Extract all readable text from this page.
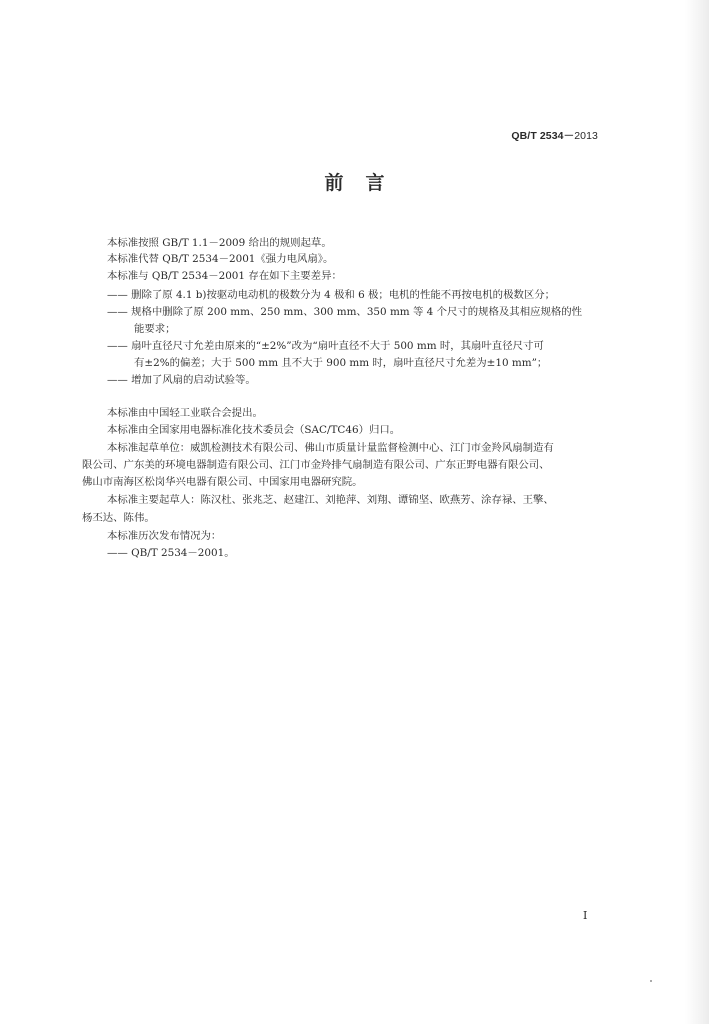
QB/T 2534－2013
前言
本标准按照 GB/T 1.1－2009 给出的规则起草。
本标准代替 QB/T 2534－2001《强力电风扇》。
本标准与 QB/T 2534－2001 存在如下主要差异：
—— 删除了原 4.1 b)按驱动电动机的极数分为 4 极和 6 极；电机的性能不再按电机的极数区分；
—— 规格中删除了原 200 mm、250 mm、300 mm、350 mm 等 4 个尺寸的规格及其相应规格的性
能要求；
—— 扇叶直径尺寸允差由原来的“±2%”改为“扇叶直径不大于 500 mm 时，其扇叶直径尺寸可
有±2%的偏差；大于 500 mm 且不大于 900 mm 时，扇叶直径尺寸允差为±10 mm”；
—— 增加了风扇的启动试验等。
本标准由中国轻工业联合会提出。
本标准由全国家用电器标准化技术委员会（SAC/TC46）归口。
本标准起草单位：威凯检测技术有限公司、佛山市质量计量监督检测中心、江门市金羚风扇制造有
限公司、广东美的环境电器制造有限公司、江门市金羚排气扇制造有限公司、广东正野电器有限公司、
佛山市南海区松岗华兴电器有限公司、中国家用电器研究院。
本标准主要起草人：陈汉杜、张兆芝、赵建江、刘艳萍、刘翔、谭锦坚、欧燕芳、涂存禄、王擎、
杨丕达、陈伟。
本标准历次发布情况为：
—— QB/T 2534－2001。
I
